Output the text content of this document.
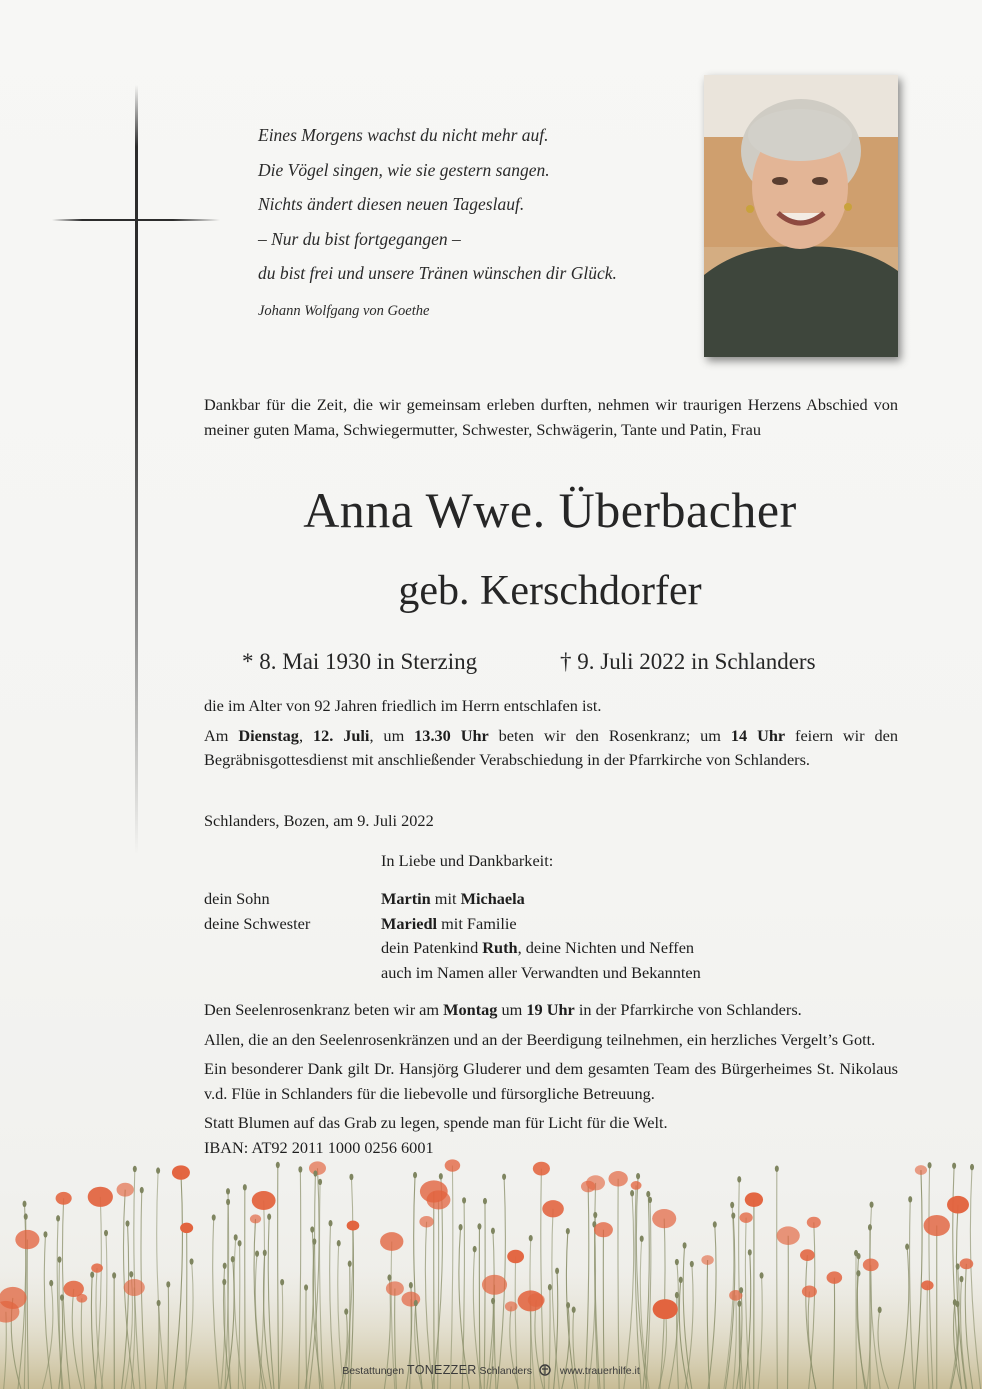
Eines Morgens wachst du nicht mehr auf.
Die Vögel singen, wie sie gestern sangen.
Nichts ändert diesen neuen Tageslauf.
– Nur du bist fortgegangen –
du bist frei und unsere Tränen wünschen dir Glück.
Johann Wolfgang von Goethe
Dankbar für die Zeit, die wir gemeinsam erleben durften, nehmen wir traurigen Herzens Abschied von meiner guten Mama, Schwiegermutter, Schwester, Schwägerin, Tante und Patin, Frau
Anna Wwe. Überbacher
geb. Kerschdorfer
* 8. Mai 1930 in Sterzing	† 9. Juli 2022 in Schlanders

die im Alter von 92 Jahren friedlich im Herrn entschlafen ist.

Am Dienstag, 12. Juli, um 13.30 Uhr beten wir den Rosenkranz; um 14 Uhr feiern wir den Begräbnisgottesdienst mit anschließender Verabschiedung in der Pfarrkirche von Schlanders.

Schlanders, Bozen, am 9. Juli 2022
In Liebe und Dankbarkeit:
dein Sohn	Martin mit Michaela
deine Schwester	Mariedl mit Familie
dein Patenkind Ruth, deine Nichten und Neffen
auch im Namen aller Verwandten und Bekannten

Den Seelenrosenkranz beten wir am Montag um 19 Uhr in der Pfarrkirche von Schlanders.

Allen, die an den Seelenrosenkränzen und an der Beerdigung teilnehmen, ein herzliches Vergelt’s Gott.

Ein besonderer Dank gilt Dr. Hansjörg Gluderer und dem gesamten Team des Bürgerheimes St. Nikolaus v.d. Flüe in Schlanders für die liebevolle und fürsorgliche Betreuung.

Statt Blumen auf das Grab zu legen, spende man für Licht für die Welt.

IBAN: AT92 2011 1000 0256 6001

Bestattungen TONEZZER Schlanders	www.trauerhilfe.it
